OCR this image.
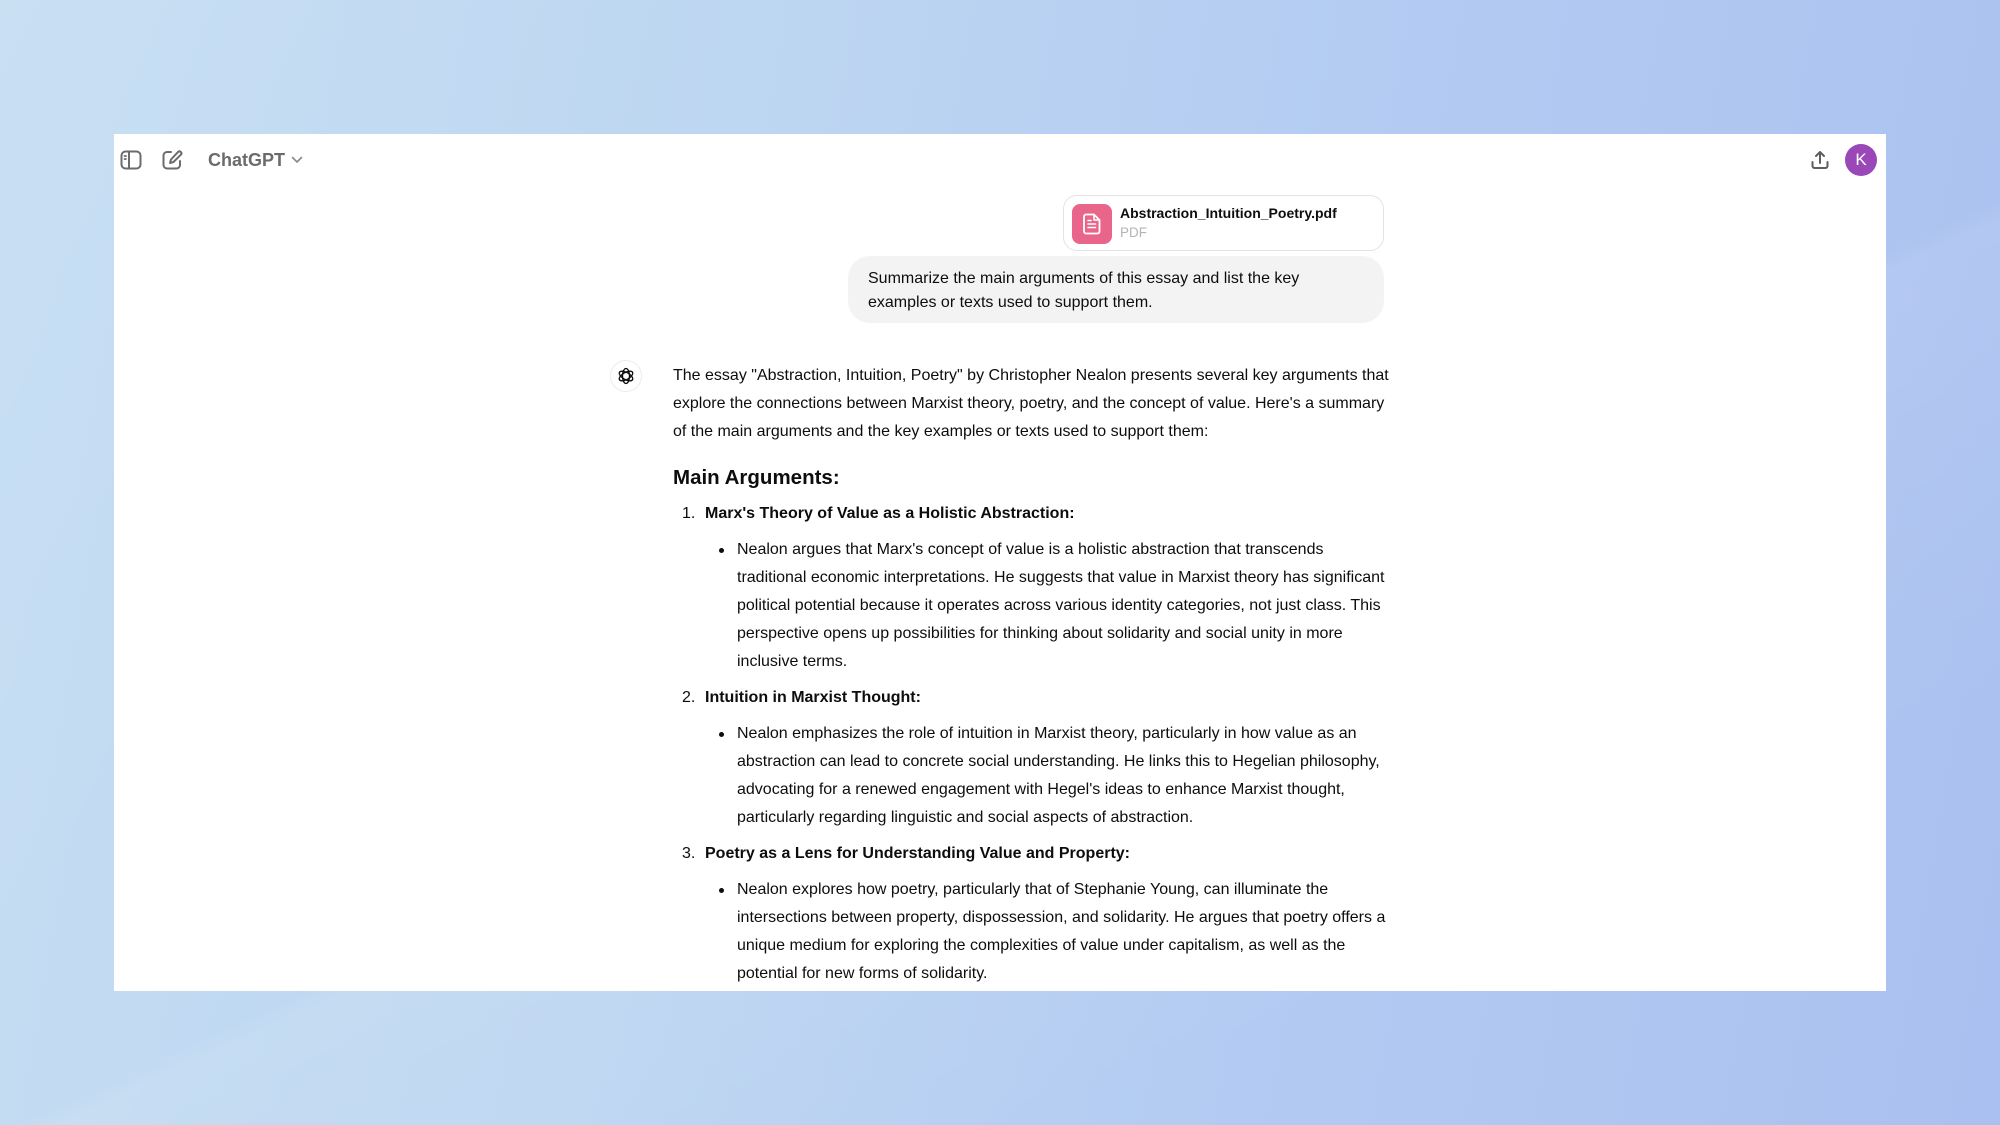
ChatGPT	K
Abstraction_Intuition_Poetry.pdf
PDF
Summarize the main arguments of this essay and list the key examples or texts used to support them.

The essay "Abstraction, Intuition, Poetry" by Christopher Nealon presents several key arguments that explore the connections between Marxist theory, poetry, and the concept of value. Here's a summary of the main arguments and the key examples or texts used to support them:

Main Arguments:
1. Marx's Theory of Value as a Holistic Abstraction:
Nealon argues that Marx's concept of value is a holistic abstraction that transcends traditional economic interpretations. He suggests that value in Marxist theory has significant political potential because it operates across various identity categories, not just class. This perspective opens up possibilities for thinking about solidarity and social unity in more inclusive terms.
2. Intuition in Marxist Thought:
Nealon emphasizes the role of intuition in Marxist theory, particularly in how value as an abstraction can lead to concrete social understanding. He links this to Hegelian philosophy, advocating for a renewed engagement with Hegel's ideas to enhance Marxist thought, particularly regarding linguistic and social aspects of abstraction.
3. Poetry as a Lens for Understanding Value and Property:
Nealon explores how poetry, particularly that of Stephanie Young, can illuminate the intersections between property, dispossession, and solidarity. He argues that poetry offers a unique medium for exploring the complexities of value under capitalism, as well as the potential for new forms of solidarity.
